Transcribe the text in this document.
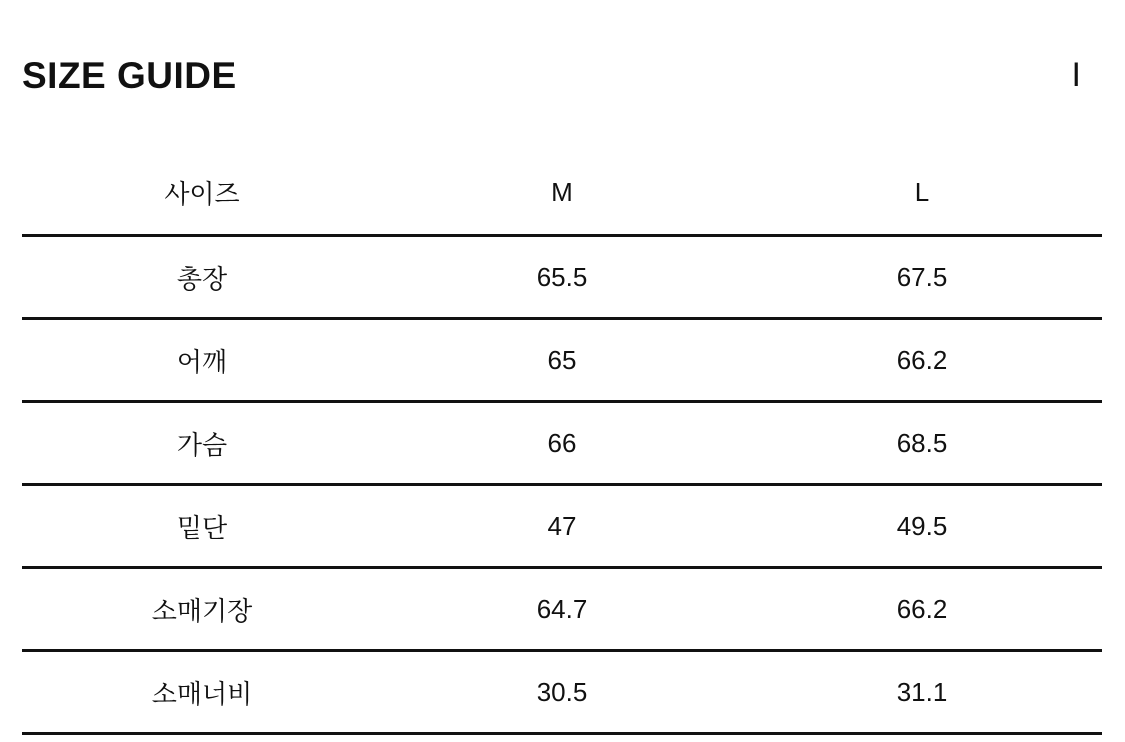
SIZE GUIDE	I
사이즈	M	L
총장	65.5	67.5
어깨	65	66.2
가슴	66	68.5
밑단	47	49.5
소매기장	64.7	66.2
소매너비	30.5	31.1
